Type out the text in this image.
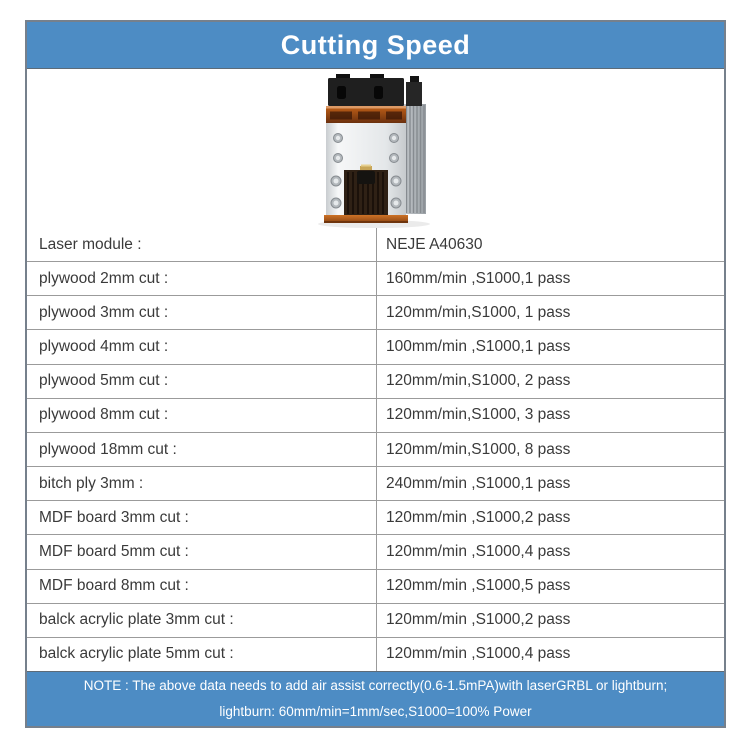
Cutting Speed
Laser module :	NEJE A40630
plywood 2mm cut :	160mm/min ,S1000,1 pass
plywood 3mm cut :	120mm/min,S1000, 1 pass
plywood 4mm cut :	100mm/min ,S1000,1 pass
plywood 5mm cut :	120mm/min,S1000, 2 pass
plywood 8mm cut :	120mm/min,S1000, 3 pass
plywood 18mm cut :	120mm/min,S1000, 8 pass
bitch ply 3mm :	240mm/min ,S1000,1 pass
MDF board 3mm cut :	120mm/min ,S1000,2 pass
MDF board 5mm cut :	120mm/min ,S1000,4 pass
MDF board 8mm cut :	120mm/min ,S1000,5 pass
balck acrylic plate 3mm cut :	120mm/min ,S1000,2 pass
balck acrylic plate 5mm cut :	120mm/min ,S1000,4 pass
NOTE : The above data needs to add air assist correctly(0.6-1.5mPA)with laserGRBL or lightburn;
lightburn: 60mm/min=1mm/sec,S1000=100% Power
